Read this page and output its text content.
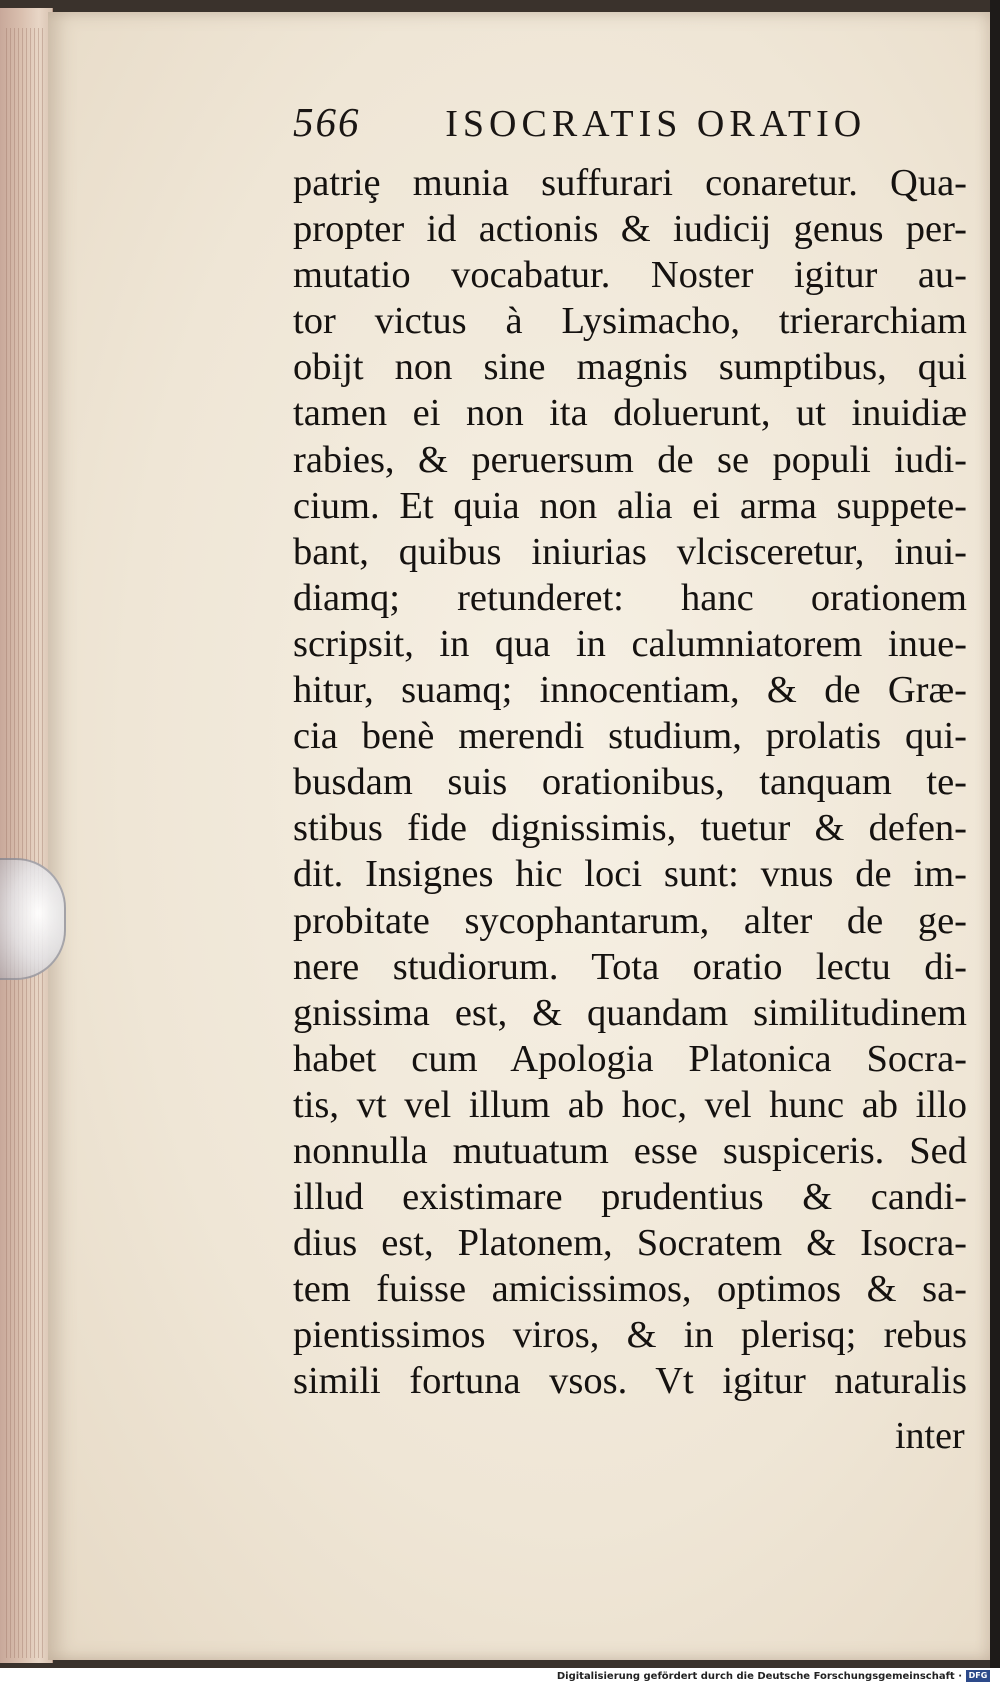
566 ISOCRATIS ORATIO
patriȩ munia suffurari conaretur. Qua-
propter id actionis & iudicij genus per-
mutatio vocabatur. Noster igitur au-
tor victus à Lysimacho, trierarchiam
obijt non sine magnis sumptibus, qui
tamen ei non ita doluerunt, ut inuidiæ
rabies, & peruersum de se populi iudi-
cium. Et quia non alia ei arma suppete-
bant, quibus iniurias vlcisceretur, inui-
diamq; retunderet: hanc orationem
scripsit, in qua in calumniatorem inue-
hitur, suamq; innocentiam, & de Græ-
cia benè merendi studium, prolatis qui-
busdam suis orationibus, tanquam te-
stibus fide dignissimis, tuetur & defen-
dit. Insignes hic loci sunt: vnus de im-
probitate sycophantarum, alter de ge-
nere studiorum. Tota oratio lectu di-
gnissima est, & quandam similitudinem
habet cum Apologia Platonica Socra-
tis, vt vel illum ab hoc, vel hunc ab illo
nonnulla mutuatum esse suspiceris. Sed
illud existimare prudentius & candi-
dius est, Platonem, Socratem & Isocra-
tem fuisse amicissimos, optimos & sa-
pientissimos viros, & in plerisq; rebus
simili fortuna vsos. Vt igitur naturalis
inter
Digitalisierung gefördert durch die Deutsche Forschungsgemeinschaft · DFG
